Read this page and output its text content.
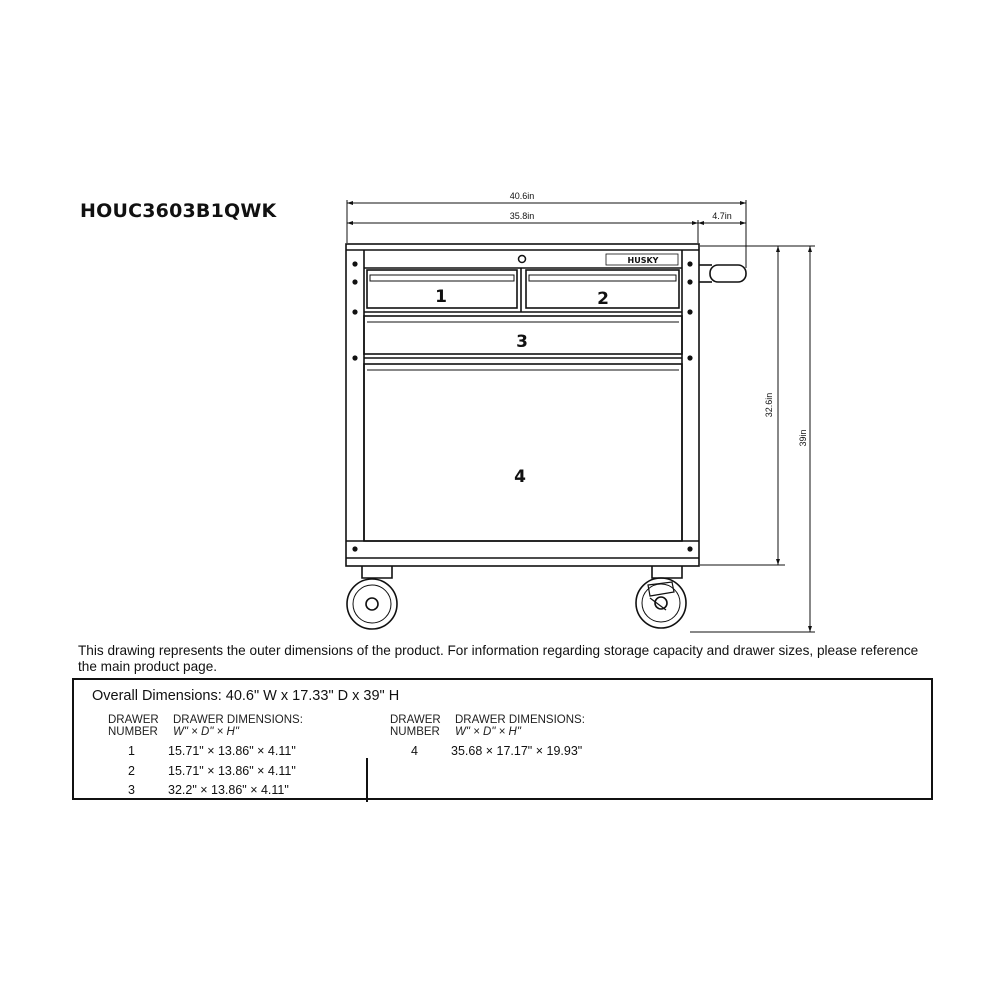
HOUC3603B1QWK
40.6in
35.8in	4.7in
32.6in
39in
HUSKY
1	2
3
4
This drawing represents the outer dimensions of the product. For information regarding storage capacity and drawer sizes, please reference the main product page.
Overall Dimensions: 40.6" W x 17.33" D x 39" H
DRAWER
NUMBER
DRAWER DIMENSIONS:
W" × D" × H"
DRAWER
NUMBER
DRAWER DIMENSIONS:
W" × D" × H"
1	15.71" × 13.86" × 4.11"
2	15.71" × 13.86" × 4.11"
3	32.2" × 13.86" × 4.11"
4	35.68 × 17.17" × 19.93"
